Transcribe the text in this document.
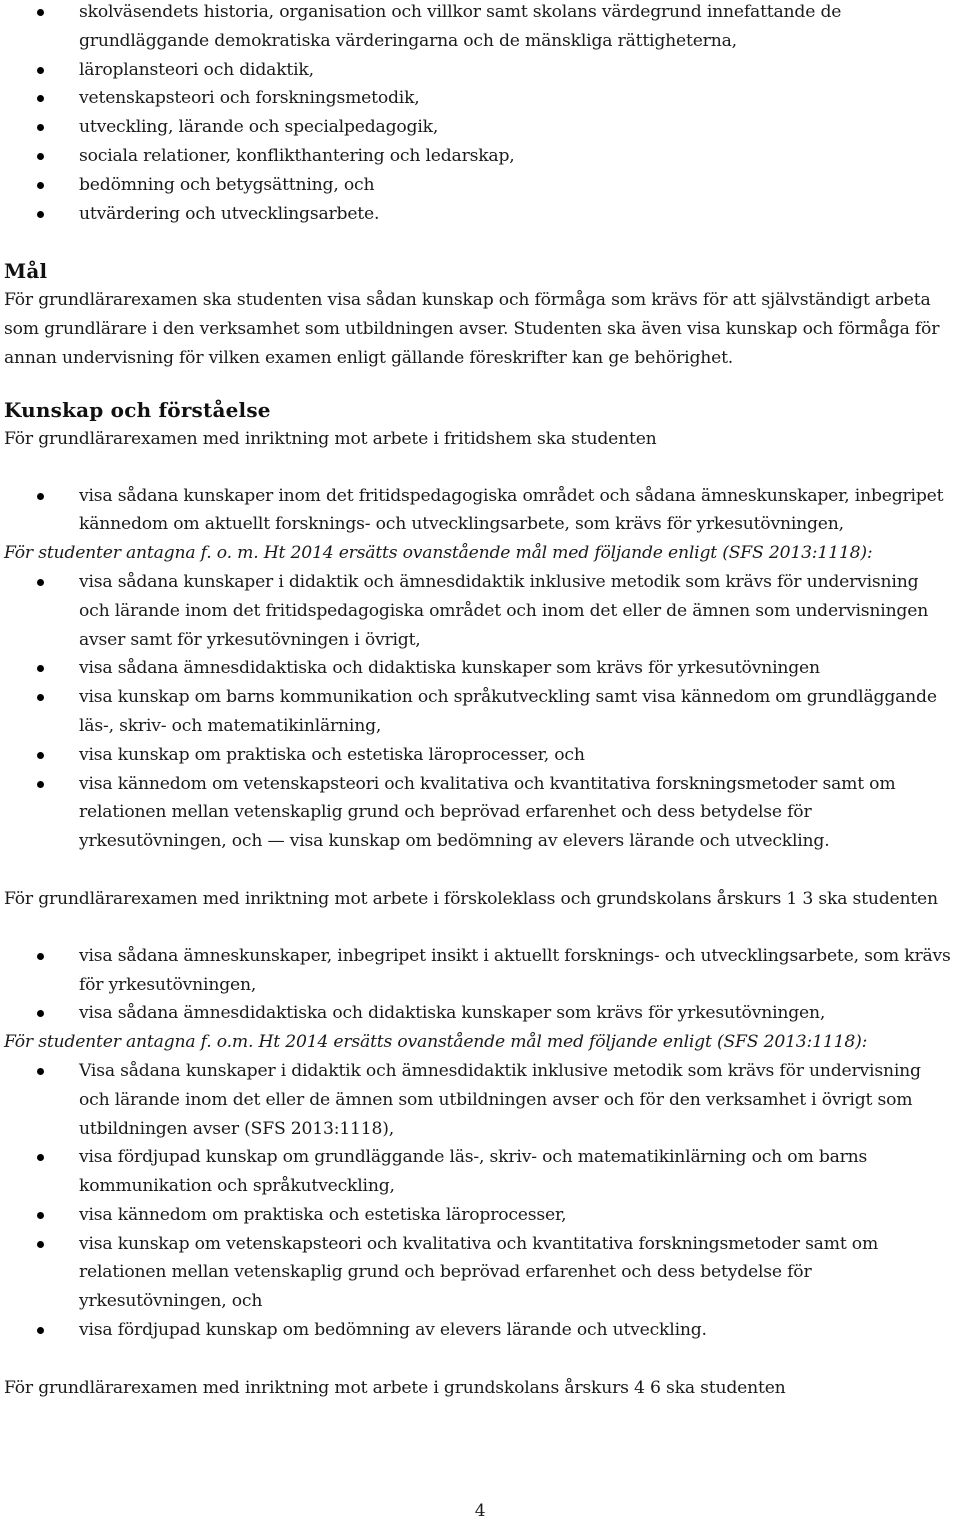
skolväsendets historia, organisation och villkor samt skolans värdegrund innefattande de grundläggande demokratiska värderingarna och de mänskliga rättigheterna,
läroplansteori och didaktik,
vetenskapsteori och forskningsmetodik,
utveckling, lärande och specialpedagogik,
sociala relationer, konflikthantering och ledarskap,
bedömning och betygsättning, och
utvärdering och utvecklingsarbete.
Mål

För grundlärarexamen ska studenten visa sådan kunskap och förmåga som krävs för att självständigt arbeta som grundlärare i den verksamhet som utbildningen avser. Studenten ska även visa kunskap och förmåga för annan undervisning för vilken examen enligt gällande föreskrifter kan ge behörighet.

Kunskap och förståelse

För grundlärarexamen med inriktning mot arbete i fritidshem ska studenten

visa sådana kunskaper inom det fritidspedagogiska området och sådana ämneskunskaper, inbegripet kännedom om aktuellt forsknings- och utvecklingsarbete, som krävs för yrkesutövningen,

För studenter antagna f. o. m. Ht 2014 ersätts ovanstående mål med följande enligt (SFS 2013:1118):

visa sådana kunskaper i didaktik och ämnesdidaktik inklusive metodik som krävs för undervisning och lärande inom det fritidspedagogiska området och inom det eller de ämnen som undervisningen avser samt för yrkesutövningen i övrigt,
visa sådana ämnesdidaktiska och didaktiska kunskaper som krävs för yrkesutövningen
visa kunskap om barns kommunikation och språkutveckling samt visa kännedom om grundläggande läs-, skriv- och matematikinlärning,
visa kunskap om praktiska och estetiska läroprocesser, och
visa kännedom om vetenskapsteori och kvalitativa och kvantitativa forskningsmetoder samt om relationen mellan vetenskaplig grund och beprövad erfarenhet och dess betydelse för yrkesutövningen, och — visa kunskap om bedömning av elevers lärande och utveckling.

För grundlärarexamen med inriktning mot arbete i förskoleklass och grundskolans årskurs 1 3 ska studenten

visa sådana ämneskunskaper, inbegripet insikt i aktuellt forsknings- och utvecklingsarbete, som krävs för yrkesutövningen,
visa sådana ämnesdidaktiska och didaktiska kunskaper som krävs för yrkesutövningen,

För studenter antagna f. o.m. Ht 2014 ersätts ovanstående mål med följande enligt (SFS 2013:1118):

Visa sådana kunskaper i didaktik och ämnesdidaktik inklusive metodik som krävs för undervisning och lärande inom det eller de ämnen som utbildningen avser och för den verksamhet i övrigt som utbildningen avser (SFS 2013:1118),
visa fördjupad kunskap om grundläggande läs-, skriv- och matematikinlärning och om barns kommunikation och språkutveckling,
visa kännedom om praktiska och estetiska läroprocesser,
visa kunskap om vetenskapsteori och kvalitativa och kvantitativa forskningsmetoder samt om relationen mellan vetenskaplig grund och beprövad erfarenhet och dess betydelse för yrkesutövningen, och
visa fördjupad kunskap om bedömning av elevers lärande och utveckling.

För grundlärarexamen med inriktning mot arbete i grundskolans årskurs 4 6 ska studenten

4
